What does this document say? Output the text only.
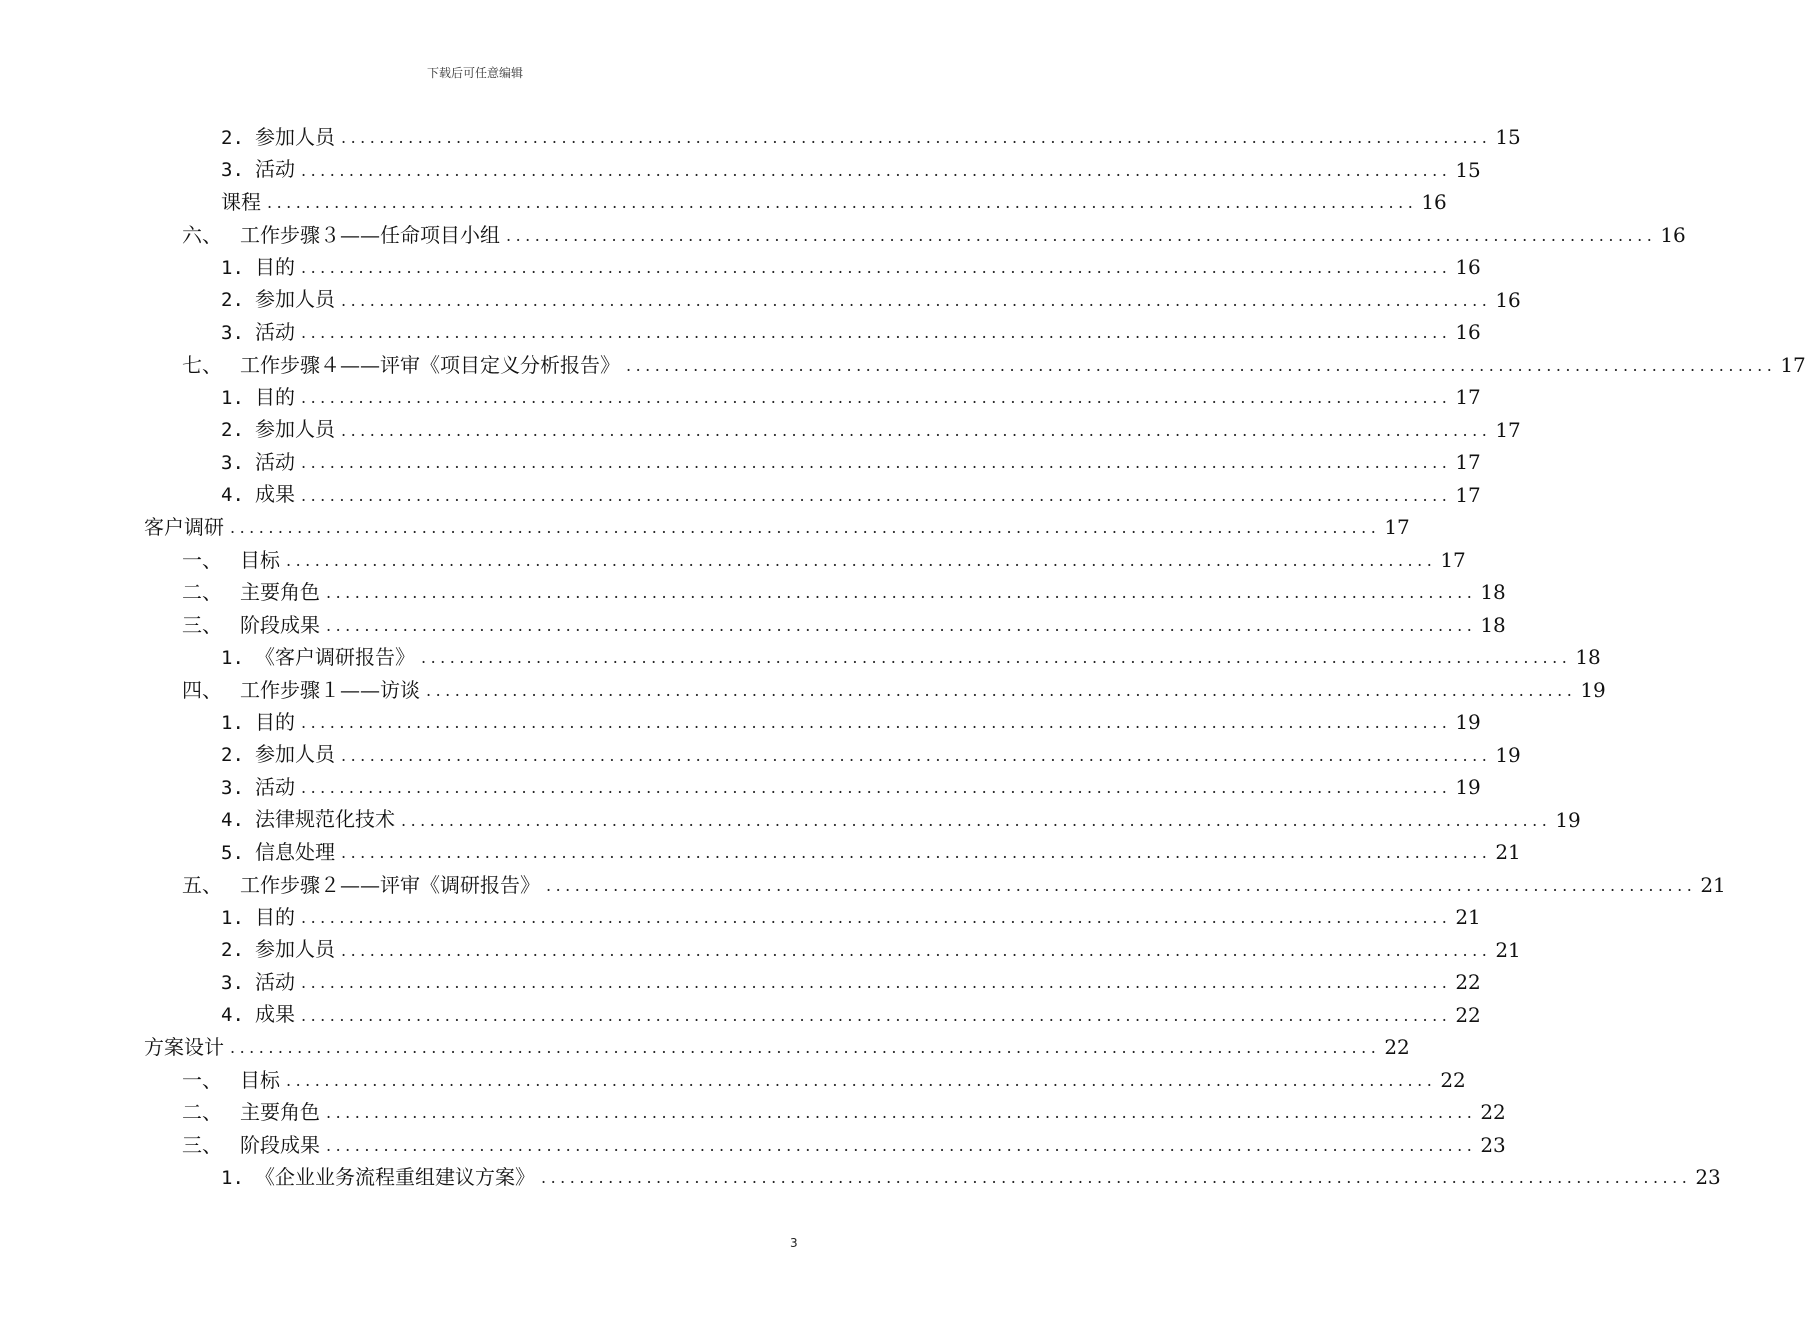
下载后可任意编辑
2. 参加人员 ........................................................................................................................ 15
3. 活动 ........................................................................................................................ 15
课程 ........................................................................................................................ 16
六、 工作步骤３——任命项目小组 ........................................................................................................................ 16
1. 目的 ........................................................................................................................ 16
2. 参加人员 ........................................................................................................................ 16
3. 活动 ........................................................................................................................ 16
七、 工作步骤４——评审《项目定义分析报告》 ........................................................................................................................ 17
1. 目的 ........................................................................................................................ 17
2. 参加人员 ........................................................................................................................ 17
3. 活动 ........................................................................................................................ 17
4. 成果 ........................................................................................................................ 17
客户调研 ........................................................................................................................ 17
一、 目标 ........................................................................................................................ 17
二、 主要角色 ........................................................................................................................ 18
三、 阶段成果 ........................................................................................................................ 18
1. 《客户调研报告》 ........................................................................................................................ 18
四、 工作步骤１——访谈 ........................................................................................................................ 19
1. 目的 ........................................................................................................................ 19
2. 参加人员 ........................................................................................................................ 19
3. 活动 ........................................................................................................................ 19
4. 法律规范化技术 ........................................................................................................................ 19
5. 信息处理 ........................................................................................................................ 21
五、 工作步骤２——评审《调研报告》 ........................................................................................................................ 21
1. 目的 ........................................................................................................................ 21
2. 参加人员 ........................................................................................................................ 21
3. 活动 ........................................................................................................................ 22
4. 成果 ........................................................................................................................ 22
方案设计 ........................................................................................................................ 22
一、 目标 ........................................................................................................................ 22
二、 主要角色 ........................................................................................................................ 22
三、 阶段成果 ........................................................................................................................ 23
1. 《企业业务流程重组建议方案》 ........................................................................................................................ 23
3
